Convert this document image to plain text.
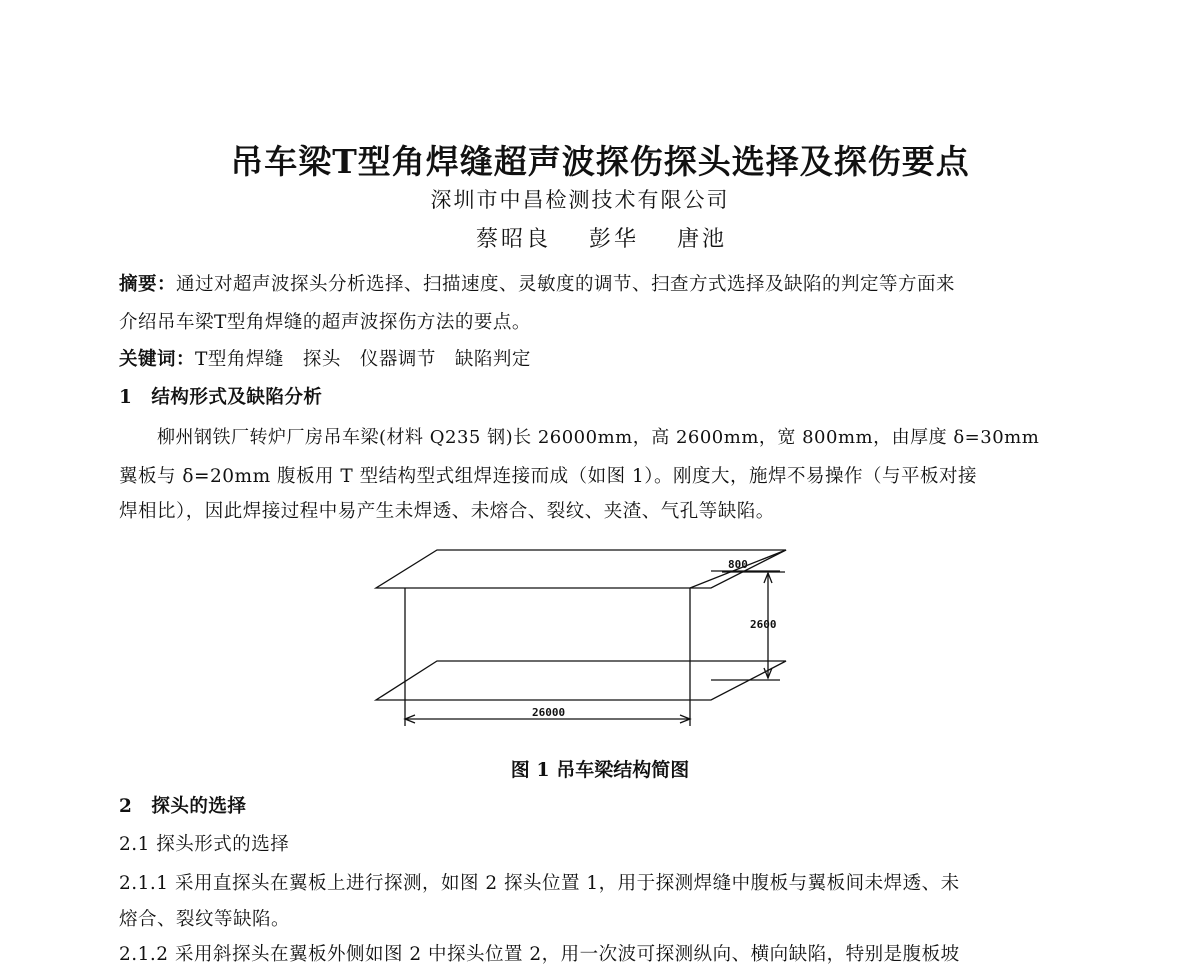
吊车梁T型角焊缝超声波探伤探头选择及探伤要点
深圳市中昌检测技术有限公司
蔡昭良 彭华 唐池
摘要：通过对超声波探头分析选择、扫描速度、灵敏度的调节、扫查方式选择及缺陷的判定等方面来
介绍吊车梁T型角焊缝的超声波探伤方法的要点。
关键词：T型角焊缝　探头　仪器调节　缺陷判定
1　结构形式及缺陷分析
柳州钢铁厂转炉厂房吊车梁(材料 Q235 钢)长 26000mm，高 2600mm，宽 800mm，由厚度 δ=30mm
翼板与 δ=20mm 腹板用 T 型结构型式组焊连接而成（如图 1）。刚度大，施焊不易操作（与平板对接
焊相比），因此焊接过程中易产生未焊透、未熔合、裂纹、夹渣、气孔等缺陷。
800
2600
26000
图 1 吊车梁结构简图
2　探头的选择
2.1 探头形式的选择
2.1.1 采用直探头在翼板上进行探测，如图 2 探头位置 1，用于探测焊缝中腹板与翼板间未焊透、未
熔合、裂纹等缺陷。
2.1.2 采用斜探头在翼板外侧如图 2 中探头位置 2，用一次波可探测纵向、横向缺陷，特别是腹板坡
